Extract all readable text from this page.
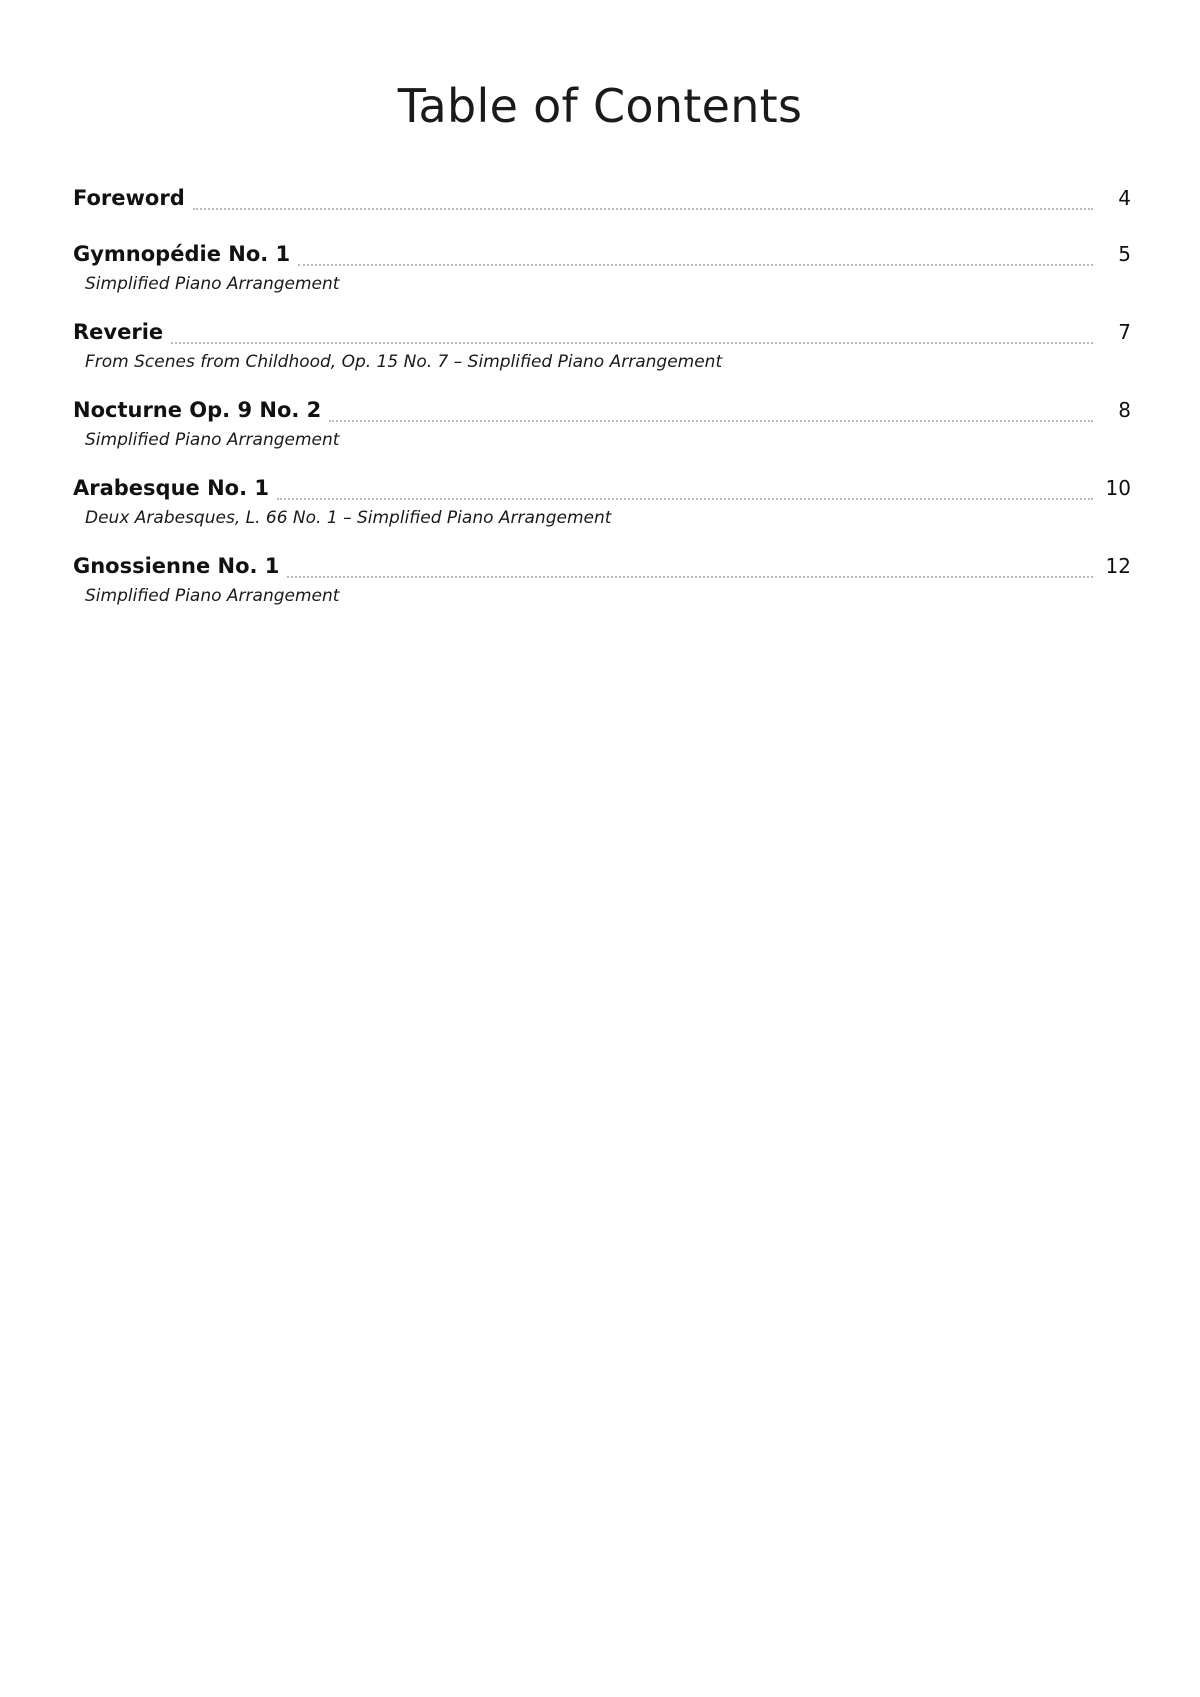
Table of Contents
Foreword	4
Gymnopédie No. 1	5
Simplified Piano Arrangement
Reverie	7
From Scenes from Childhood, Op. 15 No. 7 – Simplified Piano Arrangement
Nocturne Op. 9 No. 2	8
Simplified Piano Arrangement
Arabesque No. 1	10
Deux Arabesques, L. 66 No. 1 – Simplified Piano Arrangement
Gnossienne No. 1	12
Simplified Piano Arrangement
